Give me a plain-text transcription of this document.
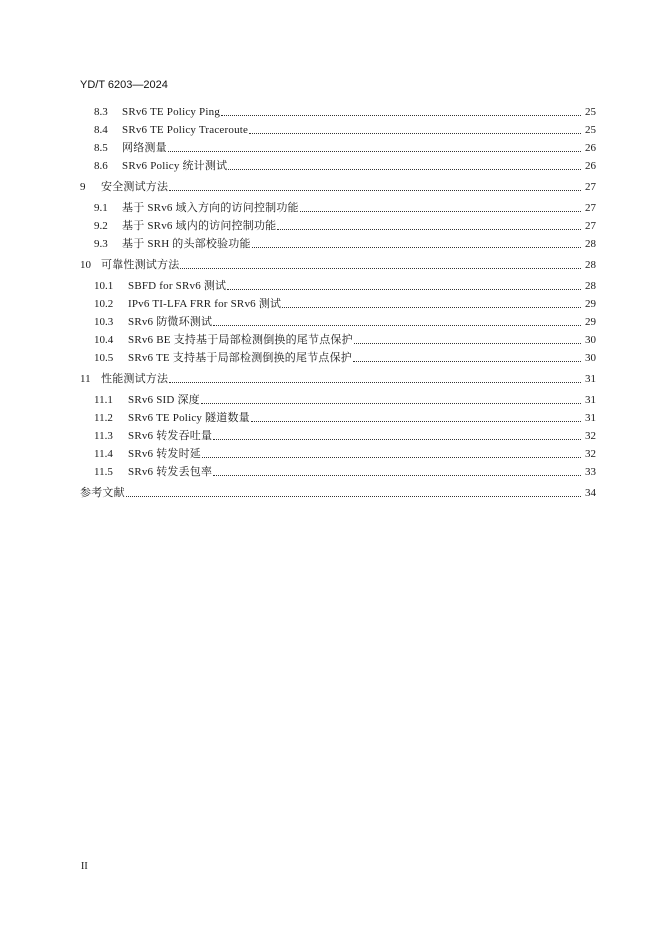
YD/T 6203—2024
8.3	SRv6 TE Policy Ping	25
8.4	SRv6 TE Policy Traceroute	25
8.5	网络测量	26
8.6	SRv6 Policy 统计测试	26
9	安全测试方法	27
9.1	基于 SRv6 域入方向的访问控制功能	27
9.2	基于 SRv6 域内的访问控制功能	27
9.3	基于 SRH 的头部校验功能	28
10 可靠性测试方法	28
10.1	SBFD for SRv6 测试	28
10.2	IPv6 TI-LFA FRR for SRv6 测试	29
10.3	SRv6 防微环测试	29
10.4	SRv6 BE 支持基于局部检测倒换的尾节点保护	30
10.5	SRv6 TE 支持基于局部检测倒换的尾节点保护	30
11 性能测试方法	31
11.1	SRv6 SID 深度	31
11.2	SRv6 TE Policy 隧道数量	31
11.3	SRv6 转发吞吐量	32
11.4	SRv6 转发时延	32
11.5	SRv6 转发丢包率	33
参考文献	34
II
